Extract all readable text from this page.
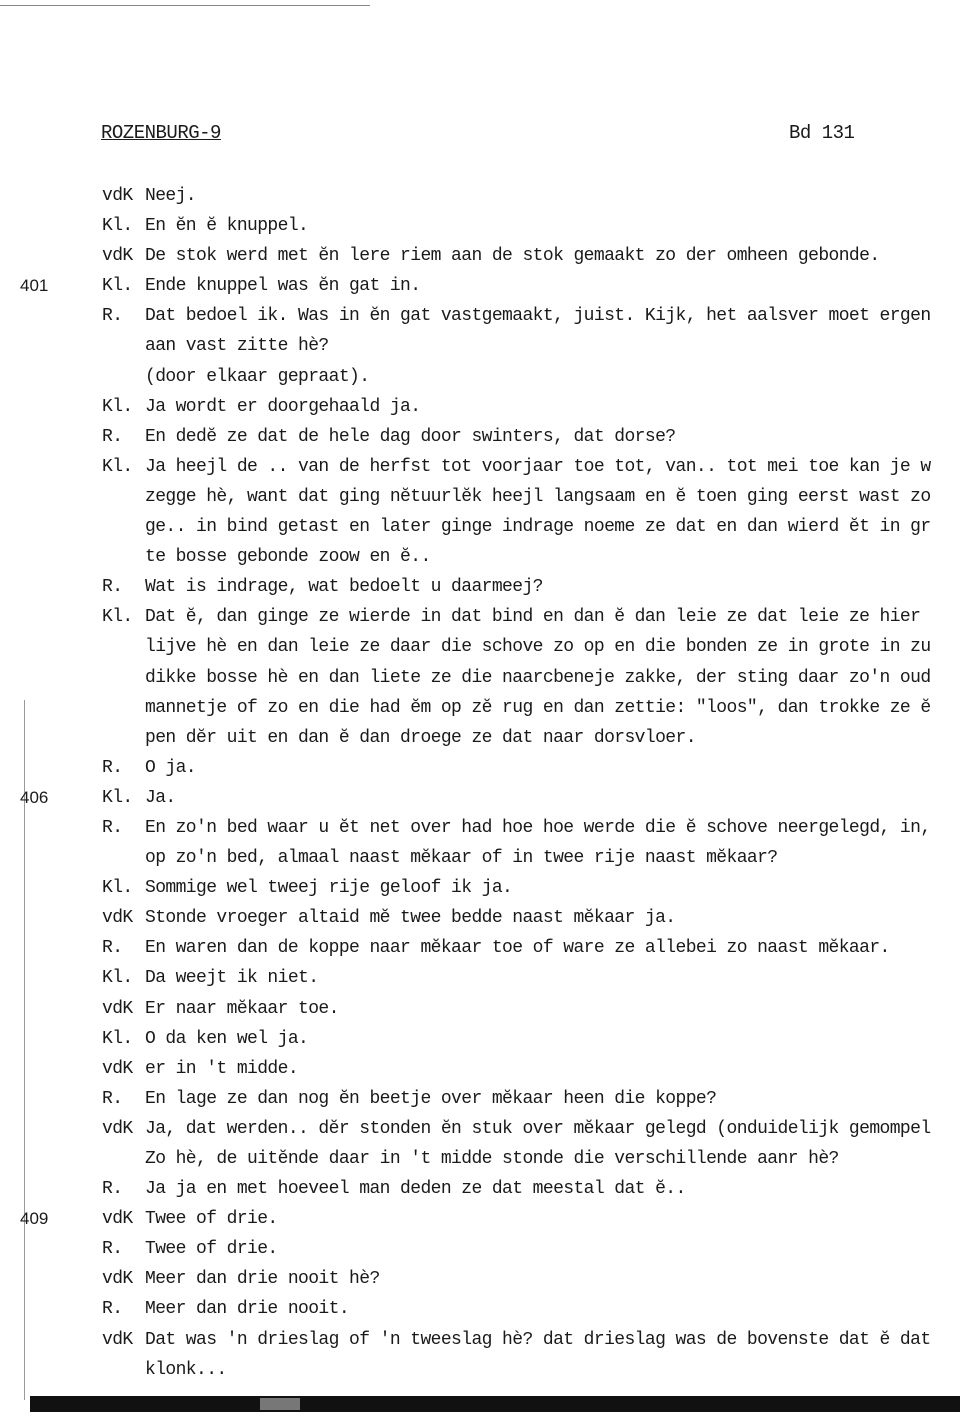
ROZENBURG-9	Bd 131
vdK Neej.
Kl. En ĕn ĕ knuppel.
vdK De stok werd met ĕn lere riem aan de stok gemaakt zo der omheen gebonde.
401	Kl. Ende knuppel was ĕn gat in.
R. Dat bedoel ik. Was in ĕn gat vastgemaakt, juist. Kijk, het aalsver moet ergen
aan vast zitte hè?
(door elkaar gepraat).
Kl. Ja wordt er doorgehaald ja.
R. En dedĕ ze dat de hele dag door swinters, dat dorse?
Kl. Ja heejl de .. van de herfst tot voorjaar toe tot, van.. tot mei toe kan je w
zegge hè, want dat ging nĕtuurlĕk heejl langsaam en ĕ toen ging eerst wast zo
ge.. in bind getast en later ginge indrage noeme ze dat en dan wierd ĕt in gr
te bosse gebonde zoow en ĕ..
R. Wat is indrage, wat bedoelt u daarmeej?
Kl. Dat ĕ, dan ginge ze wierde in dat bind en dan ĕ dan leie ze dat leie ze hier
lijve hè en dan leie ze daar die schove zo op en die bonden ze in grote in zu
dikke bosse hè en dan liete ze die naarcbeneje zakke, der sting daar zo'n oud
mannetje of zo en die had ĕm op zĕ rug en dan zettie: "loos", dan trokke ze ĕ
pen dĕr uit en dan ĕ dan droege ze dat naar dorsvloer.
R. O ja.
406	Kl. Ja.
R. En zo'n bed waar u ĕt net over had hoe hoe werde die ĕ schove neergelegd, in,
op zo'n bed, almaal naast mĕkaar of in twee rije naast mĕkaar?
Kl. Sommige wel tweej rije geloof ik ja.
vdK Stonde vroeger altaid mĕ twee bedde naast mĕkaar ja.
R. En waren dan de koppe naar mĕkaar toe of ware ze allebei zo naast mĕkaar.
Kl. Da weejt ik niet.
vdK Er naar mĕkaar toe.
Kl. O da ken wel ja.
vdK er in 't midde.
R. En lage ze dan nog ĕn beetje over mĕkaar heen die koppe?
vdK Ja, dat werden.. dĕr stonden ĕn stuk over mĕkaar gelegd (onduidelijk gemompel
Zo hè, de uitĕnde daar in 't midde stonde die verschillende aanr hè?
R. Ja ja en met hoeveel man deden ze dat meestal dat ĕ..
409	vdK Twee of drie.
R. Twee of drie.
vdK Meer dan drie nooit hè?
R. Meer dan drie nooit.
vdK Dat was 'n drieslag of 'n tweeslag hè? dat drieslag was de bovenste dat ĕ dat
klonk...
